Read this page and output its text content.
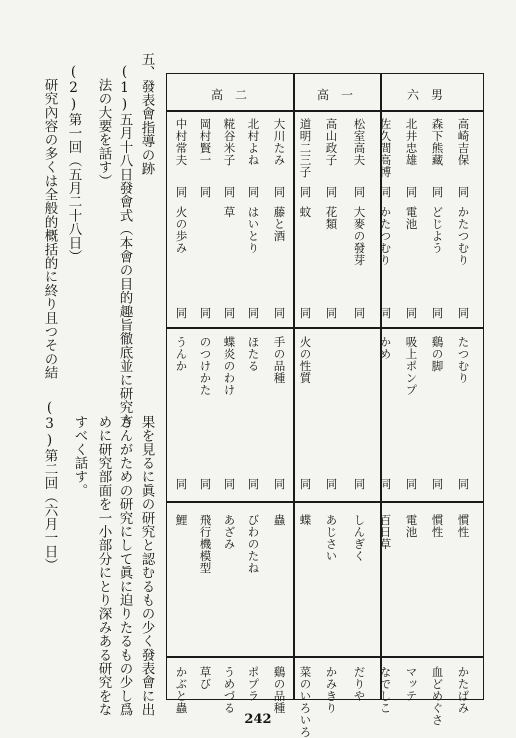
五、發表會指導の跡
(1)五月十八日發會式（本會の目的趣旨徹底並に研究方
法の大要を話す）
(2)第一回（五月二十八日）
研究內容の多くは全般的概括的に終り且つその結
果を見るに眞の研究と認むるもの少く發表會に出
さんがための研究にして眞に迫りたるもの少し爲
めに研究部面を一小部分にとり深みある研究をな
すべく話す。
(3)第二回（六月一日）
六　男
高　一
高　二
高崎吉保
同
かたつむり
同
たつむり
同
慣性
かたばみ
森下熊藏
同
どじよう
同
鷄の脚
同
慣性
血どめぐさ
北井忠雄
同
電池
同
吸上ポンプ
同
電池
マッテ
佐久間高博
同
かたつむり
同
かめ
同
百日草
なでしこ
松室高夫
同
大麥の發芽
同
同
しんぎく
だりや
高山政子
同
花類
同
同
あじさい
かみきり
道明二三子
同
蚊
同
火の性質
同
蝶
菜のいろいろ
大川たみ
同
藤と酒
同
手の品種
同
蟲
鷄の品種
北村よね
同
はいとり
同
ほたる
同
びわのたね
ポプラ
糀谷米子
同
草
同
蝶炎のわけ
同
あざみ
うめづる
岡村賢一
同
同
のつけかた
同
飛行機模型
草び
中村常夫
同
火の歩み
同
うんか
同
鯉
かぶと蟲
242
